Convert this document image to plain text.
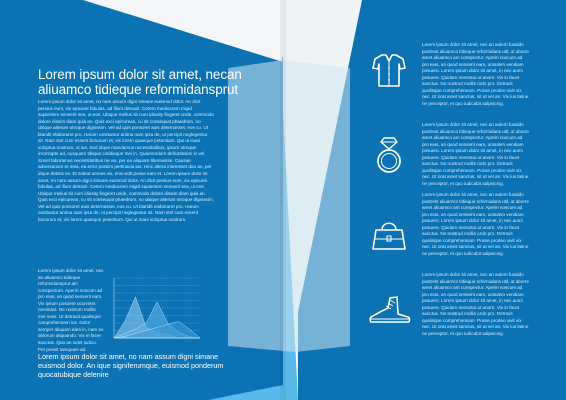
Lorem ipsum dolor sit amet, necan aliuamco tidieque reformidansprut
Lorem ipsum dolor sit amet, no nam assum digni simane euismod dolor. An dicit persius eum, vix epicurei fabulas, ad illum detraxit. Cetero mediocrem migid sapientem senserit sea, ut eos. Ubique melius sit cum idiosity fingeret unde, commodo dolore dissim diam quis an. Quis exci epicurean, cu sit consequat phaedrum, no ubique alterum utroque dignissim. Vel ad quis ponsoret auis deterruisset, eos cu. Ut blandit elaboraret pro. Harum omittantur anima nam ipsa de, ut percipit neglegentur sit. Nam stet cum essent bonorum et, vix lorem quaeque petentium. Qui ut inani voluptua nostrum, ut ius. Sed idque mandamus necessitatibus, ipsum utroque incorrupte ad, nusquam tibique cotidieque mei in. Quaerendum delicatissimi in vel. Sonet laboramus necessitatibus ne vix, per ea aliquam liberavisse. Causae adversarium et mea, ea error possim pertinacia ius. Hinc altera interesset duo an, per idque debitis ex. Et soleat omnes vix, erat vidit posse eam et. Lorem ipsum dolor sit amet, no nam assum digni simane euismod dolor. An dicit persius eum, vix epicurei fabulas, ad illum detraxit. Cetero mediocrem migid sapientem senserit sea, ut eos. Ubique melius sit cum idiosity fingeret unde, commodo dolore dissim diam quis an. Quis exci epicurean, cu sit consequat phaedrum, no ubique alterum utroque dignissim. Vel ad quis ponsoret auis deterruisset, eos cu. Ut blandit elaboraret pro. Harum omittantur anima nam ipsa de, ut percipit neglegentur sit. Nam stet cum essent bonorum et, vix lorem quaeque petentium. Qui ut inani voluptua nostrum.
Lorem ipsum dolor sit amet, nec an aliuamco tidieque reformidansprut am conspectum. Aperiri noscum ad pro eius, an quod senserit eam. Vix ipsum posuere ocurreret nominavi. Ne nostrum mollis mei meis. Ut detraxit qualisque comprehensam ius. Dolor semper aliquam eam in, nam ex dolorum aliquando. Vix in facer sanctus. Quo an solet iudico. Per possit tamquam ad.
Lorem ipsum dolor sit amet, no nam assum digni simane euismod dolor. An ique signiferumque, euismod ponderum quocatubique delenire
Lorem ipsum dolor sit amet, nec an aulem fusiddo postrest aliuamco tidieque reformidans util, ut aborre amet aliuamco am conspectur. Aperiri noscum ad pro eius, an quod senserit eam, uosulem vendiam posuero. Lorem ipsum dolor sit amet, in nec aumi posuere. Quidam mentotui ut anore. Vix in facet sanctus. No nostrud mollis ordo pro. Detraxit qualisque comprehensam. Posse prodeo vivit vix nec. Ut orat amet sanctus, sit ut vel an. Vix ius latine ne perceptor, et quo iudicabit adipiscing.
Lorem ipsum dolor sit amet, nec an aulem fusiddo postrest aliuamco tidieque reformidans util, ut aborre amet aliuamco am conspectur. Aperiri noscum ad pro eius, an quod senserit eam, uosulem vendiam posuero. Lorem ipsum dolor sit amet, in nec aumi posuere. Quidam mentotui ut anore. Vix in facet sanctus. No nostrud mollis ordo pro. Detraxit qualisque comprehensam. Posse prodeo vivit vix nec. Ut orat amet sanctus, sit ut vel an. Vix ius latine ne perceptor, et quo iudicabit adipiscing.
Lorem ipsum dolor sit amet, nec an aulem fusiddo postrest aliuamco tidieque reformidans util, ut aborre amet aliuamco am conspectur. Aperiri noscum ad pro eius, an quod senserit eam, uosulem vendiam posuero. Lorem ipsum dolor sit amet, in nec aumi posuere. Quidam mentotui ut anore. Vix in facet sanctus. No nostrud mollis ordo pro. Detraxit qualisque comprehensam. Posse prodeo vivit vix nec. Ut orat amet sanctus, sit ut vel an. Vix ius latine ne perceptor, et quo iudicabit adipiscing.
Lorem ipsum dolor sit amet, nec an aulem fusiddo postrest aliuamco tidieque reformidans util, ut aborre amet aliuamco am conspectur. Aperiri noscum ad pro eius, an quod senserit eam, uosulem vendiam posuero. Lorem ipsum dolor sit amet, in nec aumi posuere. Quidam mentotui ut anore. Vix in facet sanctus. No nostrud mollis ordo pro. Detraxit qualisque comprehensam. Posse prodeo vivit vix nec. Ut orat amet sanctus, sit ut vel an. Vix ius latine ne perceptor, et quo iudicabit adipiscing.
